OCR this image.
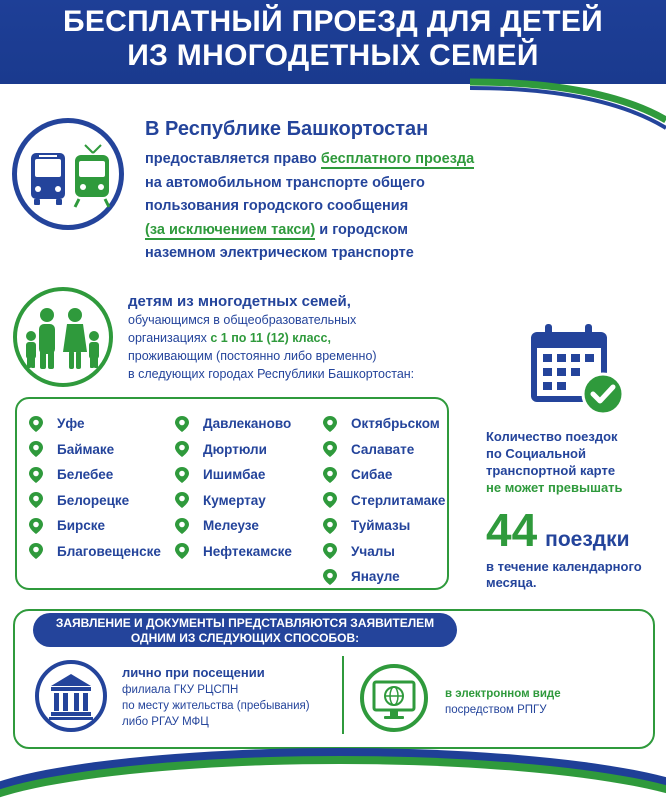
БЕСПЛАТНЫЙ ПРОЕЗД ДЛЯ ДЕТЕЙ
ИЗ МНОГОДЕТНЫХ СЕМЕЙ
В Республике Башкортостан
предоставляется право бесплатного проезда
на автомобильном транспорте общего
пользования городского сообщения
(за исключением такси) и городском
наземном электрическом транспорте
детям из многодетных семей,
обучающимся в общеобразовательных
организациях с 1 по 11 (12) класс,
проживающим (постоянно либо временно)
в следующих городах Республики Башкортостан:
Уфе
Баймаке
Белебее
Белорецке
Бирске
Благовещенске
Давлеканово
Дюртюли
Ишимбае
Кумертау
Мелеузе
Нефтекамске
Октябрьском
Салавате
Сибае
Стерлитамаке
Туймазы
Учалы
Янауле
Количество поездок
по Социальной
транспортной карте
не может превышать
44 поездки
в течение календарного
месяца.
ЗАЯВЛЕНИЕ И ДОКУМЕНТЫ ПРЕДСТАВЛЯЮТСЯ ЗАЯВИТЕЛЕМ
ОДНИМ ИЗ СЛЕДУЮЩИХ СПОСОБОВ:
лично при посещении
филиала ГКУ РЦСПН
по месту жительства (пребывания)
либо РГАУ МФЦ
в электронном виде
посредством РПГУ
